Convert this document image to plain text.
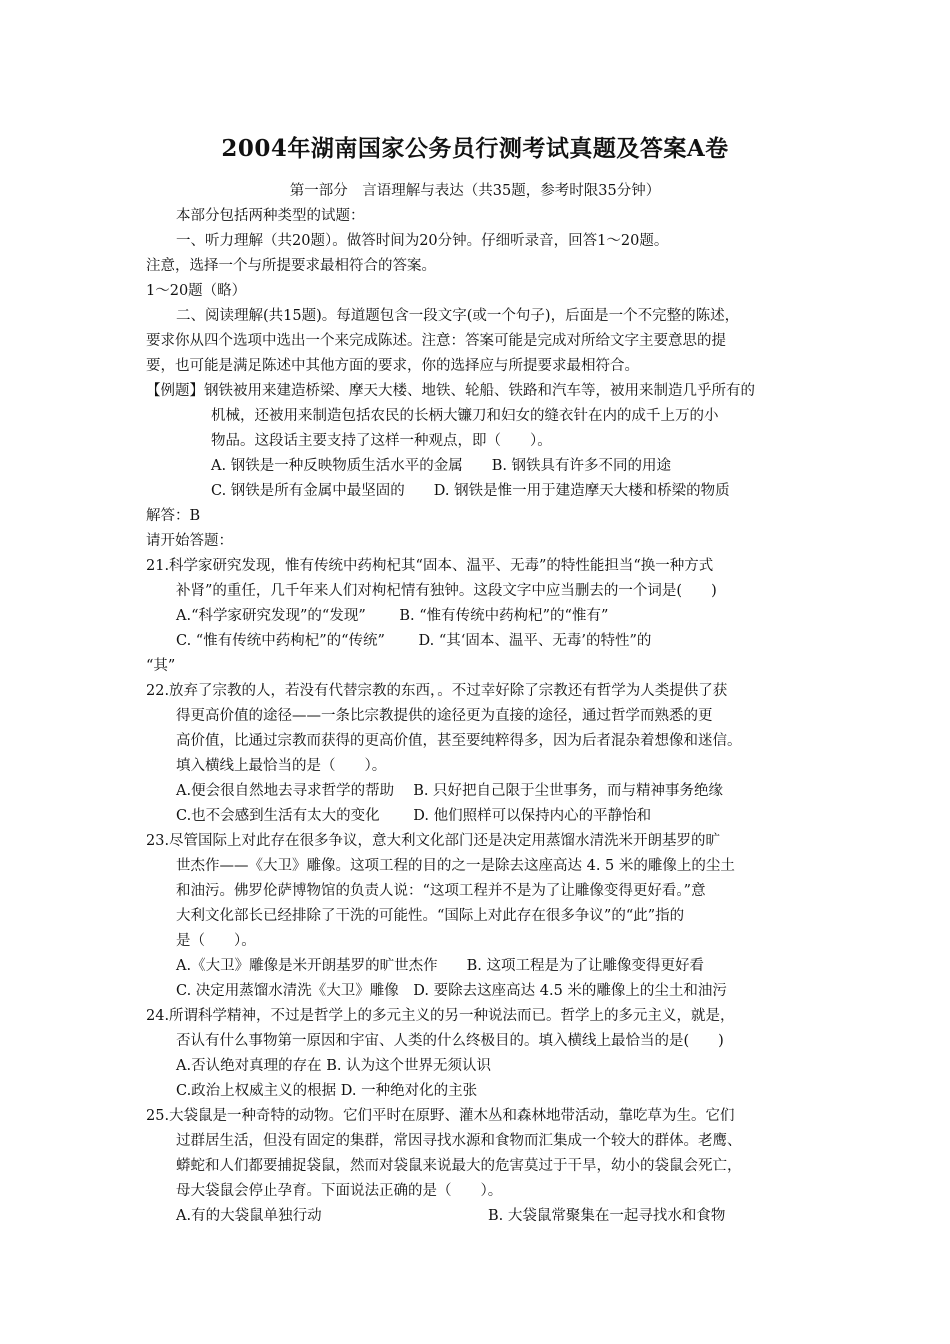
2004年湖南国家公务员行测考试真题及答案A卷
第一部分　言语理解与表达（共35题，参考时限35分钟）
本部分包括两种类型的试题：
一、听力理解（共20题）。做答时间为20分钟。仔细听录音，回答1～20题。
注意，选择一个与所提要求最相符合的答案。
1～20题（略）
二、阅读理解(共15题)。每道题包含一段文字(或一个句子)，后面是一个不完整的陈述，
要求你从四个选项中选出一个来完成陈述。注意：答案可能是完成对所给文字主要意思的提
要，也可能是满足陈述中其他方面的要求，你的选择应与所提要求最相符合。
【例题】钢铁被用来建造桥梁、摩天大楼、地铁、轮船、铁路和汽车等，被用来制造几乎所有的
机械，还被用来制造包括农民的长柄大镰刀和妇女的缝衣针在内的成千上万的小
物品。这段话主要支持了这样一种观点，即（　　）。
A. 钢铁是一种反映物质生活水平的金属　　B. 钢铁具有许多不同的用途
C. 钢铁是所有金属中最坚固的　　D. 钢铁是惟一用于建造摩天大楼和桥梁的物质
解答：B
请开始答题：
21.科学家研究发现，惟有传统中药枸杞其“固本、温平、无毒”的特性能担当“换一种方式
补肾”的重任，几千年来人们对枸杞情有独钟。这段文字中应当删去的一个词是(　　)
A.“科学家研究发现”的“发现”　　 B. “惟有传统中药枸杞”的“惟有”
C. “惟有传统中药枸杞”的“传统”　　 D. “其‘固本、温平、无毒’的特性”的
“其”
22.放弃了宗教的人，若没有代替宗教的东西，。不过幸好除了宗教还有哲学为人类提供了获
得更高价值的途径——一条比宗教提供的途径更为直接的途径，通过哲学而熟悉的更
高价值，比通过宗教而获得的更高价值，甚至要纯粹得多，因为后者混杂着想像和迷信。
填入横线上最恰当的是（　　）。
A.便会很自然地去寻求哲学的帮助　 B. 只好把自己限于尘世事务，而与精神事务绝缘
C.也不会感到生活有太大的变化　　 D. 他们照样可以保持内心的平静怡和
23.尽管国际上对此存在很多争议，意大利文化部门还是决定用蒸馏水清洗米开朗基罗的旷
世杰作——《大卫》雕像。这项工程的目的之一是除去这座高达 4. 5 米的雕像上的尘土
和油污。佛罗伦萨博物馆的负责人说：“这项工程并不是为了让雕像变得更好看。”意
大利文化部长已经排除了干洗的可能性。“国际上对此存在很多争议”的“此”指的
是（　　）。
A.《大卫》雕像是米开朗基罗的旷世杰作　　B. 这项工程是为了让雕像变得更好看
C. 决定用蒸馏水清洗《大卫》雕像　D. 要除去这座高达 4.5 米的雕像上的尘土和油污
24.所谓科学精神，不过是哲学上的多元主义的另一种说法而已。哲学上的多元主义，就是，
否认有什么事物第一原因和宇宙、人类的什么终极目的。填入横线上最恰当的是(　　)
A.否认绝对真理的存在 B. 认为这个世界无须认识
C.政治上权威主义的根据 D. 一种绝对化的主张
25.大袋鼠是一种奇特的动物。它们平时在原野、灌木丛和森林地带活动，靠吃草为生。它们
过群居生活，但没有固定的集群，常因寻找水源和食物而汇集成一个较大的群体。老鹰、
蟒蛇和人们都要捕捉袋鼠，然而对袋鼠来说最大的危害莫过于干旱，幼小的袋鼠会死亡，
母大袋鼠会停止孕育。下面说法正确的是（　　）。
A.有的大袋鼠单独行动	B. 大袋鼠常聚集在一起寻找水和食物
